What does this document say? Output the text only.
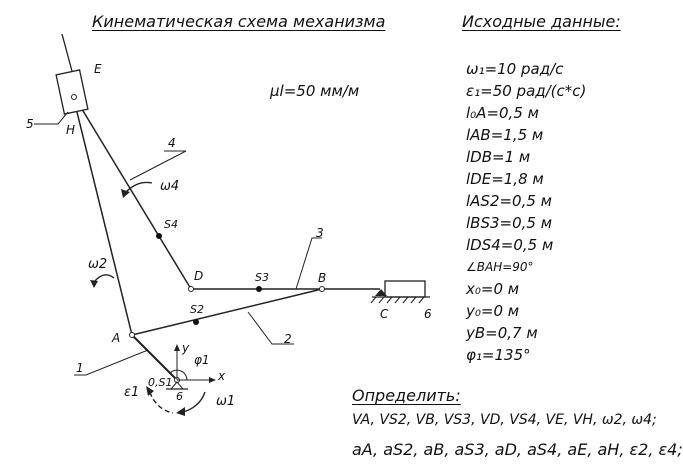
Кинематическая схема механизма	Исходные данные:
μl=50 мм/м
ω₁=10 рад/с
ε₁=50 рад/(с*с)
l₀A=0,5 м
lAB=1,5 м
lDB=1 м
lDE=1,8 м
lAS2=0,5 м
lBS3=0,5 м
lDS4=0,5 м
∠BAH=90°
x₀=0 м
y₀=0 м
yB=0,7 м
φ₁=135°
Определить:
VA, VS2, VB, VS3, VD, VS4, VE, VH, ω2, ω4;
aA, aS2, aB, aS3, aD, aS4, aE, aH, ε2, ε4;
E
H
5
4
ω4
S4
ω2
D	S3
3
B
C	6
S2
2
A
1
y
φ1
x
0,S1
6
ε1
ω1
